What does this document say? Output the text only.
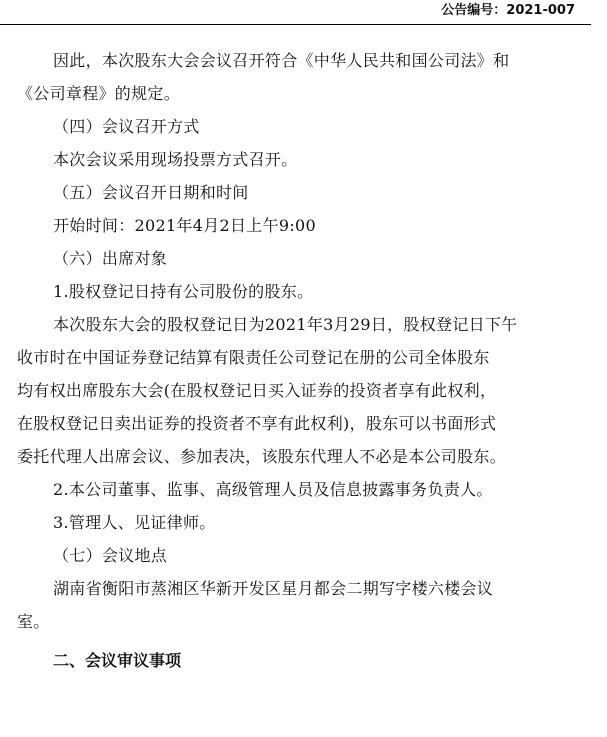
公告编号：2021-007

因此，本次股东大会会议召开符合《中华人民共和国公司法》和
《公司章程》的规定。

（四）会议召开方式

本次会议采用现场投票方式召开。

（五）会议召开日期和时间

开始时间：2021年4月2日上午9:00

（六）出席对象

1.股权登记日持有公司股份的股东。

本次股东大会的股权登记日为2021年3月29日，股权登记日下午
收市时在中国证券登记结算有限责任公司登记在册的公司全体股东
均有权出席股东大会(在股权登记日买入证券的投资者享有此权利，
在股权登记日卖出证券的投资者不享有此权利)，股东可以书面形式
委托代理人出席会议、参加表决，该股东代理人不必是本公司股东。

2.本公司董事、监事、高级管理人员及信息披露事务负责人。

3.管理人、见证律师。

（七）会议地点

湖南省衡阳市蒸湘区华新开发区星月都会二期写字楼六楼会议
室。

二、会议审议事项
